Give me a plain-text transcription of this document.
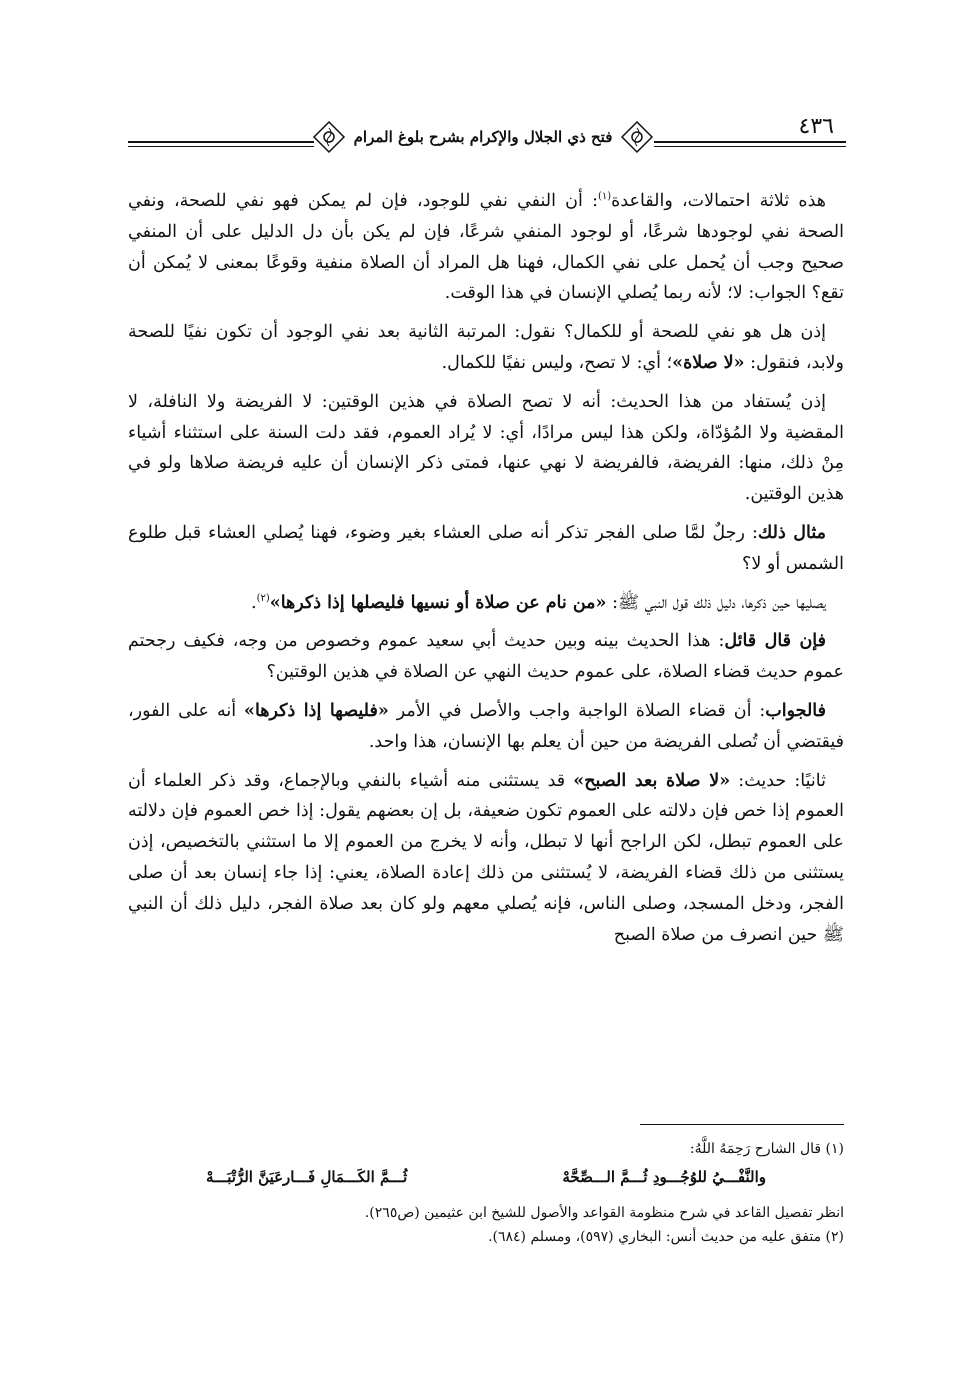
٤٣٦
فتح ذي الجلال والإكرام بشرح بلوغ المرام

هذه ثلاثة احتمالات، والقاعدة$^{(١)}$: أن النفي نفي للوجود، فإن لم يمكن فهو نفي للصحة، ونفي الصحة نفي لوجودها شرعًا، أو لوجود المنفي شرعًا، فإن لم يكن بأن دل الدليل على أن المنفي صحيح وجب أن يُحمل على نفي الكمال، فهنا هل المراد أن الصلاة منفية وقوعًا بمعنى لا يُمكن أن تقع؟ الجواب: لا؛ لأنه ربما يُصلي الإنسان في هذا الوقت.

إذن هل هو نفي للصحة أو للكمال؟ نقول: المرتبة الثانية بعد نفي الوجود أن تكون نفيًا للصحة ولابد، فنقول: «لا صلاة»؛ أي: لا تصح، وليس نفيًا للكمال.

إذن يُستفاد من هذا الحديث: أنه لا تصح الصلاة في هذين الوقتين: لا الفريضة ولا النافلة، لا المقضية ولا المُؤدّاة، ولكن هذا ليس مرادًا، أي: لا يُراد العموم، فقد دلت السنة على استثناء أشياء مِنْ ذلك، منها: الفريضة، فالفريضة لا نهي عنها، فمتى ذكر الإنسان أن عليه فريضة صلاها ولو في هذين الوقتين.

مثال ذلك: رجلٌ لمَّا صلى الفجر تذكر أنه صلى العشاء بغير وضوء، فهنا يُصلي العشاء قبل طلوع الشمس أو لا؟

يصليها حين ذكرها، دليل ذلك قول النبي ﷺ: «من نام عن صلاة أو نسيها فليصلها إذا ذكرها»$^{(٢)}$.

فإن قال قائل: هذا الحديث بينه وبين حديث أبي سعيد عموم وخصوص من وجه، فكيف رجحتم عموم حديث قضاء الصلاة، على عموم حديث النهي عن الصلاة في هذين الوقتين؟

فالجواب: أن قضاء الصلاة الواجبة واجب والأصل في الأمر «فليصها إذا ذكرها» أنه على الفور، فيقتضي أن تُصلى الفريضة من حين أن يعلم بها الإنسان، هذا واحد.

ثانيًا: حديث: «لا صلاة بعد الصبح» قد يستثنى منه أشياء بالنفي وبالإجماع، وقد ذكر العلماء أن العموم إذا خص فإن دلالته على العموم تكون ضعيفة، بل إن بعضهم يقول: إذا خص العموم فإن دلالته على العموم تبطل، لكن الراجح أنها لا تبطل، وأنه لا يخرج من العموم إلا ما استثني بالتخصيص، إذن يستثنى من ذلك قضاء الفريضة، لا يُستثنى من ذلك إعادة الصلاة، يعني: إذا جاء إنسان بعد أن صلى الفجر، ودخل المسجد، وصلى الناس، فإنه يُصلي معهم ولو كان بعد صلاة الفجر، دليل ذلك أن النبي ﷺ حين انصرف من صلاة الصبح

(١) قال الشارح رَحِمَهُ اللَّهُ:

والنَّفْـــيُ للوُجُـــودِ ثُـــمَّ الـــصِّحَّهْ
ثُـــمَّ الكَـــمَالِ فَـــارعَيَنَّ الرُّتْبَـــهْ

انظر تفصيل القاعد في شرح منظومة القواعد والأصول للشيخ ابن عثيمين (ص٢٦٥).

(٢) متفق عليه من حديث أنس: البخاري (٥٩٧)، ومسلم (٦٨٤).
